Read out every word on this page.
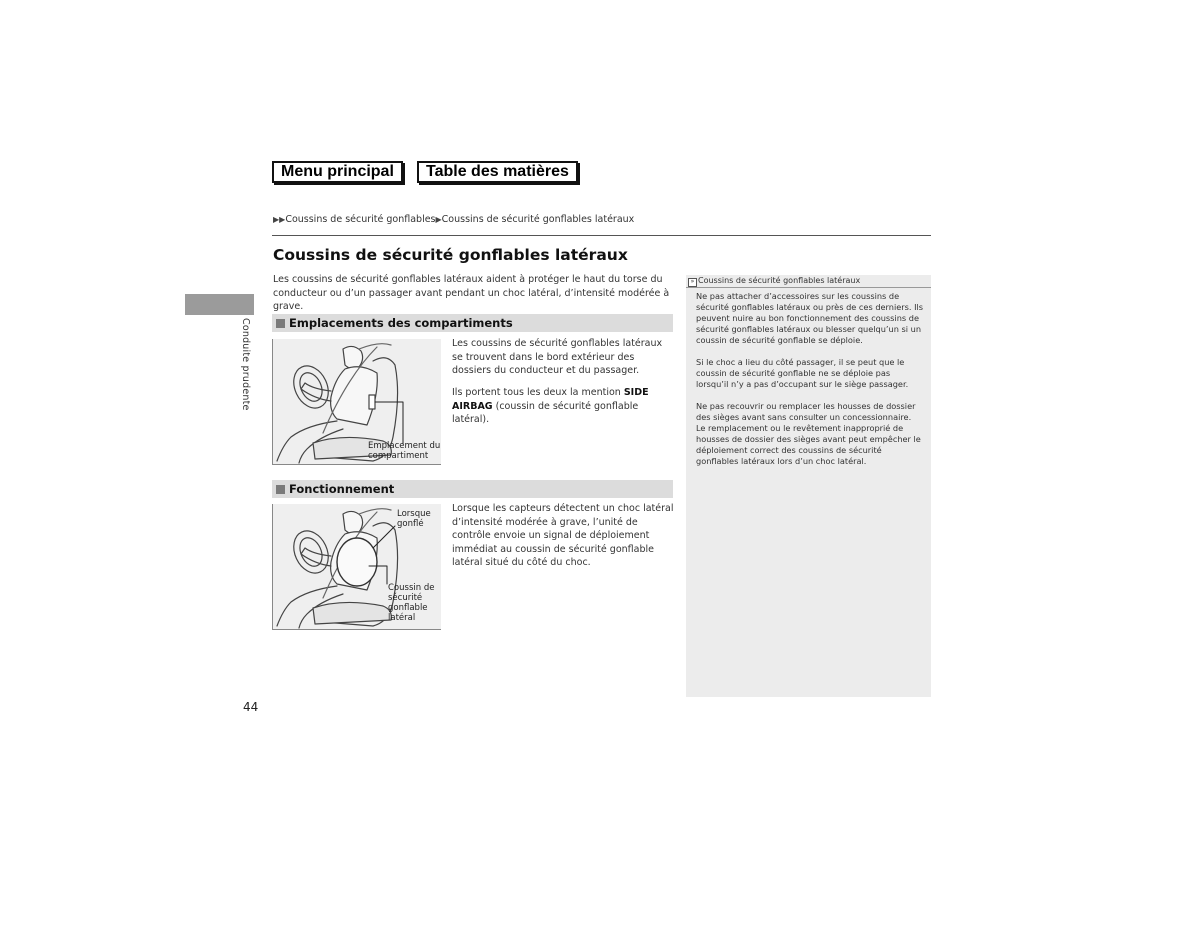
Menu principal	Table des matières
▶▶Coussins de sécurité gonflables▶Coussins de sécurité gonflables latéraux
Conduite prudente
Coussins de sécurité gonflables latéraux

Les coussins de sécurité gonflables latéraux aident à protéger le haut du torse du conducteur ou d’un passager avant pendant un choc latéral, d’intensité modérée à grave.

Emplacements des compartiments
Emplacement du compartiment

Les coussins de sécurité gonflables latéraux se trouvent dans le bord extérieur des dossiers du conducteur et du passager.

Ils portent tous les deux la mention SIDE AIRBAG (coussin de sécurité gonflable latéral).

Fonctionnement
Lorsque gonflé
Coussin de sécurité gonflable latéral

Lorsque les capteurs détectent un choc latéral d’intensité modérée à grave, l’unité de contrôle envoie un signal de déploiement immédiat au coussin de sécurité gonflable latéral situé du côté du choc.

» Coussins de sécurité gonflables latéraux

Ne pas attacher d’accessoires sur les coussins de sécurité gonflables latéraux ou près de ces derniers. Ils peuvent nuire au bon fonctionnement des coussins de sécurité gonflables latéraux ou blesser quelqu’un si un coussin de sécurité gonflable se déploie.

Si le choc a lieu du côté passager, il se peut que le coussin de sécurité gonflable ne se déploie pas lorsqu’il n’y a pas d’occupant sur le siège passager.

Ne pas recouvrir ou remplacer les housses de dossier des sièges avant sans consulter un concessionnaire.

Le remplacement ou le revêtement inapproprié de housses de dossier des sièges avant peut empêcher le déploiement correct des coussins de sécurité gonflables latéraux lors d’un choc latéral.

44
